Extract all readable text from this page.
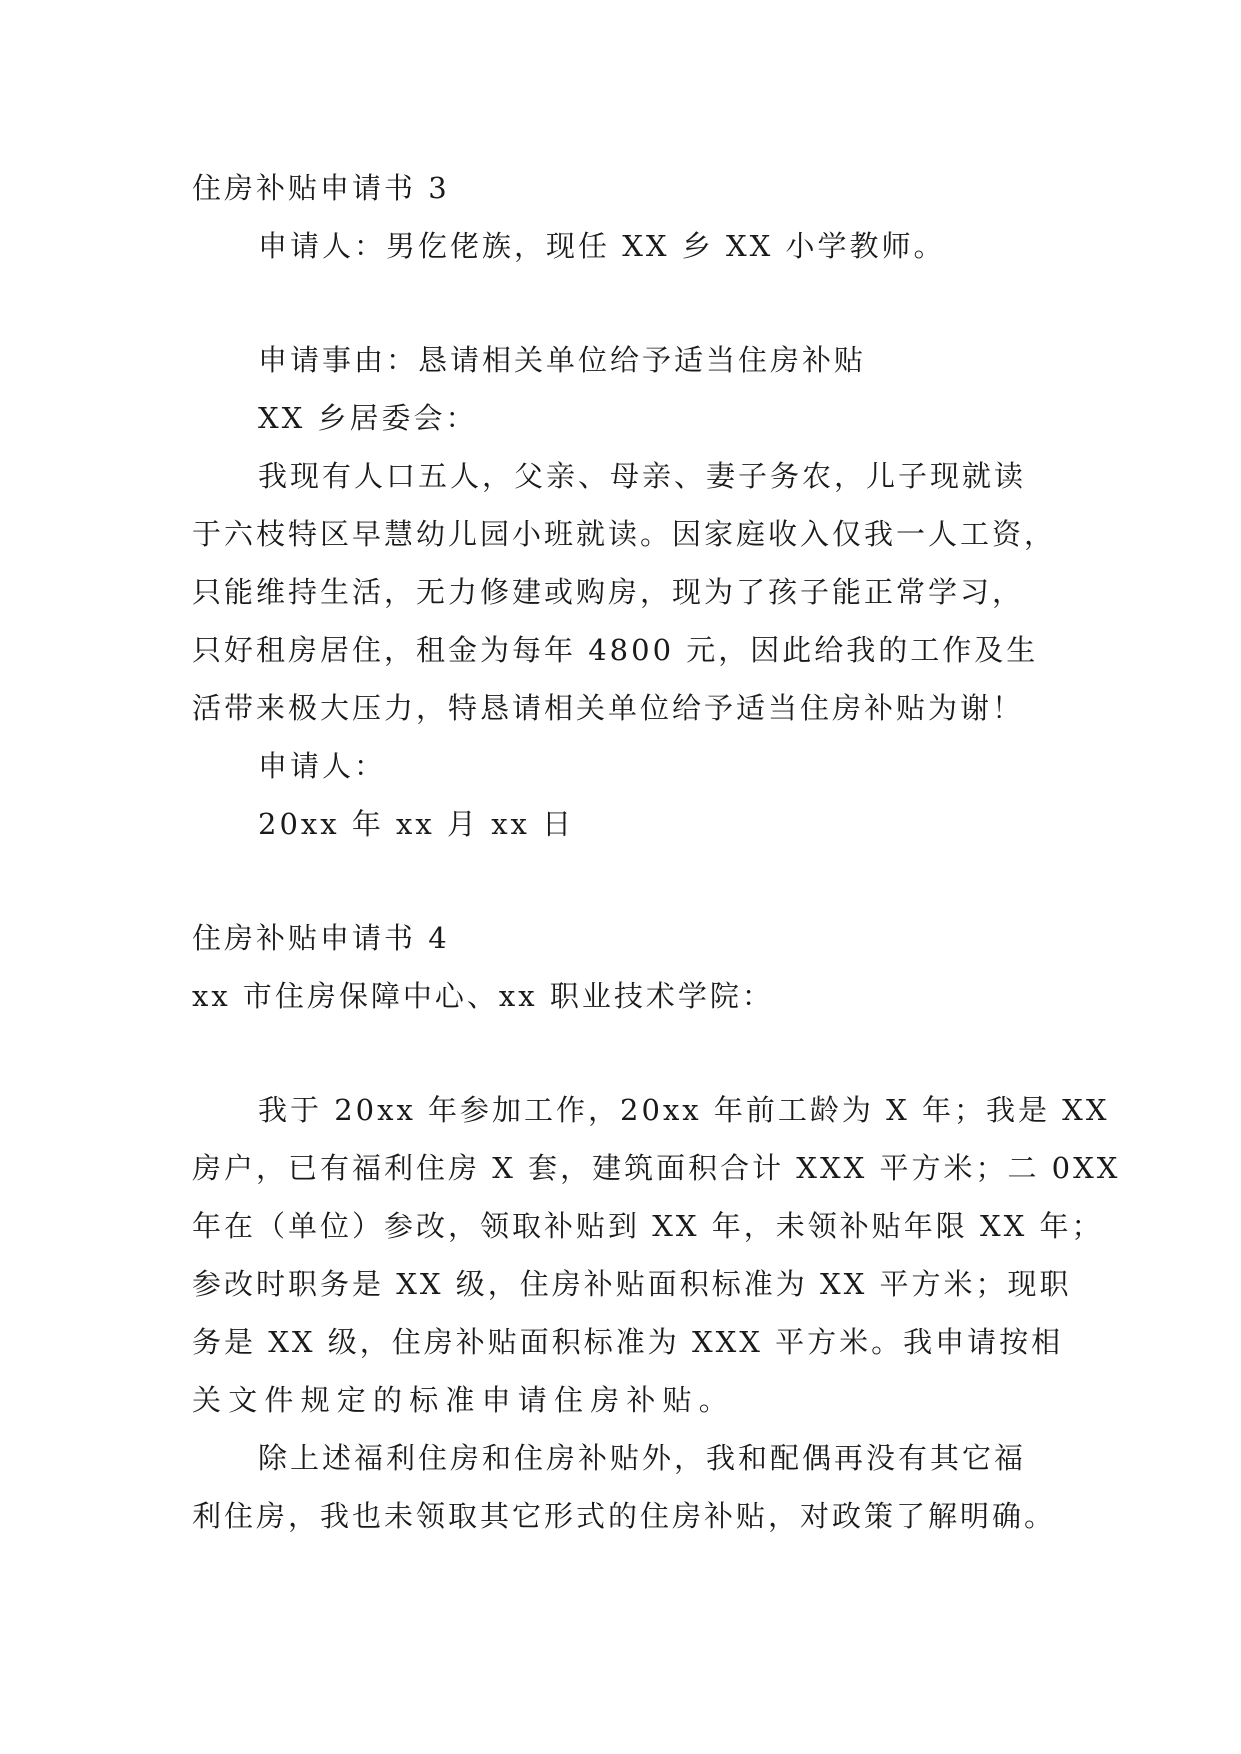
住房补贴申请书 3
申请人：男仡佬族，现任 XX 乡 XX 小学教师。
申请事由：恳请相关单位给予适当住房补贴
XX 乡居委会：
我现有人口五人，父亲、母亲、妻子务农，儿子现就读
于六枝特区早慧幼儿园小班就读。因家庭收入仅我一人工资，
只能维持生活，无力修建或购房，现为了孩子能正常学习，
只好租房居住，租金为每年 4800 元，因此给我的工作及生
活带来极大压力，特恳请相关单位给予适当住房补贴为谢！
申请人：
20xx 年 xx 月 xx 日
住房补贴申请书 4
xx 市住房保障中心、xx 职业技术学院：
我于 20xx 年参加工作，20xx 年前工龄为 X 年；我是 XX
房户，已有福利住房 X 套，建筑面积合计 XXX 平方米；二 0XX
年在（单位）参改，领取补贴到 XX 年，未领补贴年限 XX 年；
参改时职务是 XX 级，住房补贴面积标准为 XX 平方米；现职
务是 XX 级，住房补贴面积标准为 XXX 平方米。我申请按相
关文件规定的标准申请住房补贴。
除上述福利住房和住房补贴外，我和配偶再没有其它福
利住房，我也未领取其它形式的住房补贴，对政策了解明确。
